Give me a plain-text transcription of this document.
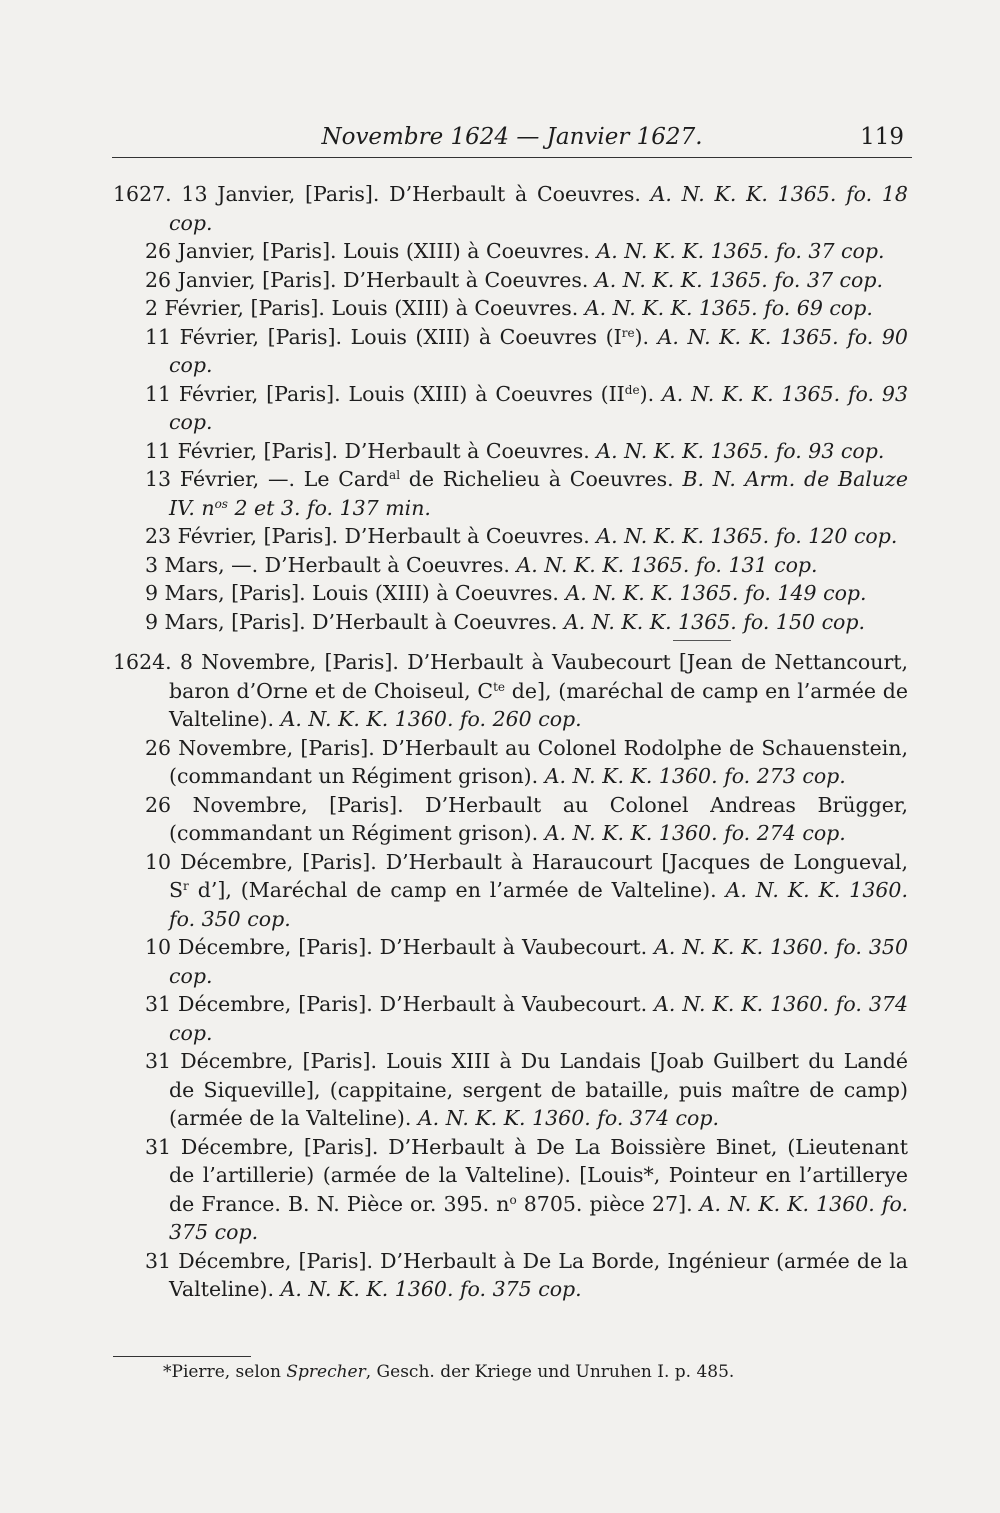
Novembre 1624 — Janvier 1627.	119
1627. 13 Janvier, [Paris]. D’Herbault à Coeuvres. A. N. K. K. 1365. fo. 18 cop.
26 Janvier, [Paris]. Louis (XIII) à Coeuvres. A. N. K. K. 1365. fo. 37 cop.
26 Janvier, [Paris]. D’Herbault à Coeuvres. A. N. K. K. 1365. fo. 37 cop.
2 Février, [Paris]. Louis (XIII) à Coeuvres. A. N. K. K. 1365. fo. 69 cop.
11 Février, [Paris]. Louis (XIII) à Coeuvres (Ire). A. N. K. K. 1365. fo. 90 cop.
11 Février, [Paris]. Louis (XIII) à Coeuvres (IIde). A. N. K. K. 1365. fo. 93 cop.
11 Février, [Paris]. D’Herbault à Coeuvres. A. N. K. K. 1365. fo. 93 cop.
13 Février, —. Le Card$^{al}$ de Richelieu à Coeuvres. B. N. Arm. de Baluze IV. $n^{os}$ 2 et 3. fo. 137 min.
23 Février, [Paris]. D’Herbault à Coeuvres. A. N. K. K. 1365. fo. 120 cop.
3 Mars, —. D’Herbault à Coeuvres. A. N. K. K. 1365. fo. 131 cop.
9 Mars, [Paris]. Louis (XIII) à Coeuvres. A. N. K. K. 1365. fo. 149 cop.
9 Mars, [Paris]. D’Herbault à Coeuvres. A. N. K. K. 1365. fo. 150 cop.
1624. 8 Novembre, [Paris]. D’Herbault à Vaubecourt [Jean de Nettancourt, baron d’Orne et de Choiseul, $C^{te}$ de], (maréchal de camp en l’armée de Valteline). A. N. K. K. 1360. fo. 260 cop.
26 Novembre, [Paris]. D’Herbault au Colonel Rodolphe de Schauenstein, (commandant un Régiment grison). A. N. K. K. 1360. fo. 273 cop.
26 Novembre, [Paris]. D’Herbault au Colonel Andreas Brügger, (commandant un Régiment grison). A. N. K. K. 1360. fo. 274 cop.
10 Décembre, [Paris]. D’Herbault à Haraucourt [Jacques de Longueval, $S^r$ d’], (Maréchal de camp en l’armée de Valteline). A. N. K. K. 1360. fo. 350 cop.
10 Décembre, [Paris]. D’Herbault à Vaubecourt. A. N. K. K. 1360. fo. 350 cop.
31 Décembre, [Paris]. D’Herbault à Vaubecourt. A. N. K. K. 1360. fo. 374 cop.
31 Décembre, [Paris]. Louis XIII à Du Landais [Joab Guilbert du Landé de Siqueville], (cappitaine, sergent de bataille, puis maître de camp) (armée de la Valteline). A. N. K. K. 1360. fo. 374 cop.
31 Décembre, [Paris]. D’Herbault à De La Boissière Binet, (Lieutenant de l’artillerie) (armée de la Valteline). [Louis*, Pointeur en l’artillerye de France. B. N. Pièce or. 395. $n^o$ 8705. pièce 27]. A. N. K. K. 1360. fo. 375 cop.
31 Décembre, [Paris]. D’Herbault à De La Borde, Ingénieur (armée de la Valteline). A. N. K. K. 1360. fo. 375 cop.
*Pierre, selon Sprecher, Gesch. der Kriege und Unruhen I. p. 485.
